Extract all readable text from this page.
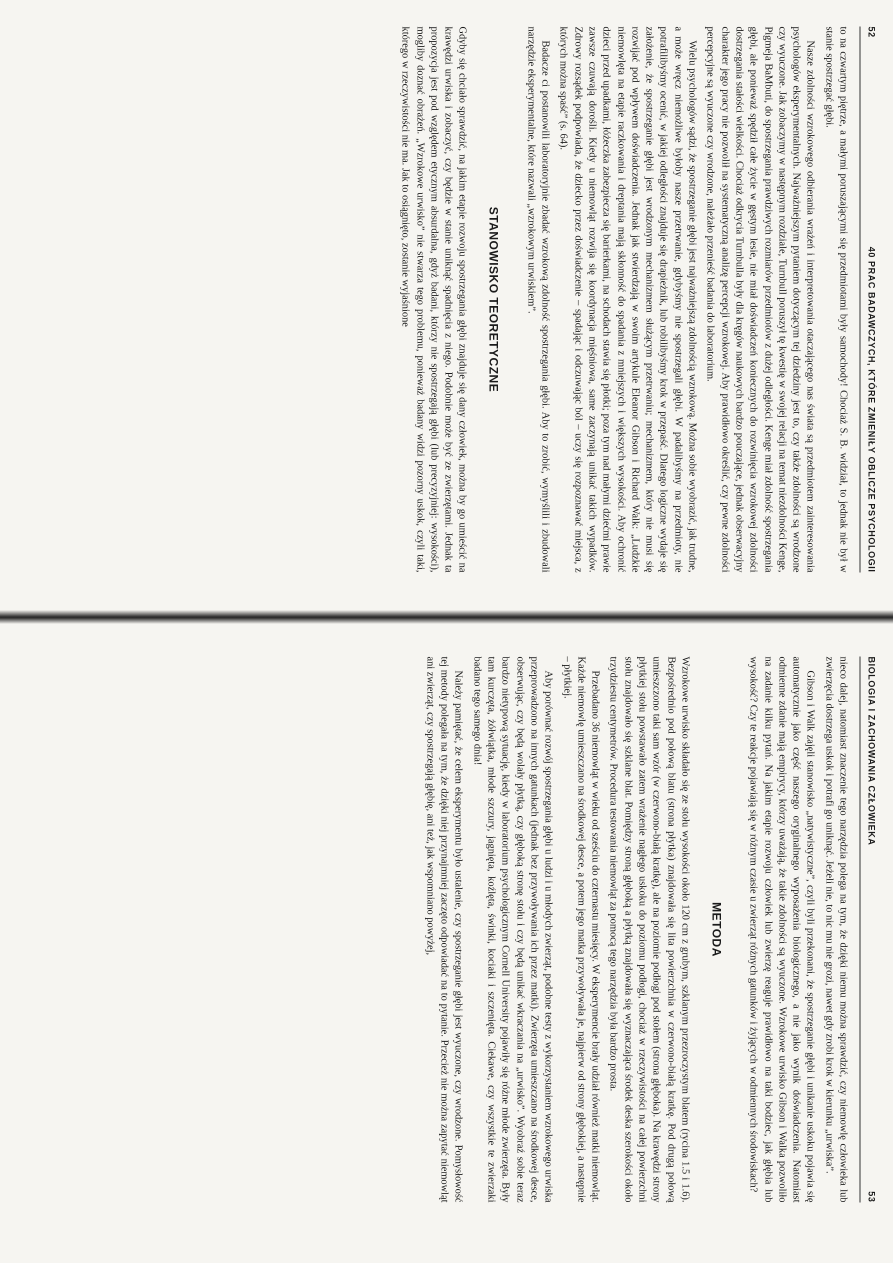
52
40 PRAC BADAWCZYCH, KTÓRE ZMIENIŁY OBLICZE PSYCHOLOGII

to na czwartym piętrze, a małymi poruszającymi się przedmiotami były samochody! Chociaż S. B. widział, to jednak nie był w stanie spostrzegać głębi.

Nasze zdolności wzrokowego odbierania wrażeń i interpretowania otaczającego nas świata są przedmiotem zainteresowania psychologów eksperymentalnych. Najważniejszym pytaniem dotyczącym tej dziedziny jest to, czy także zdolności są wrodzone czy wyuczone. Jak zobaczymy w następnym rozdziale, Turnbull poruszył tę kwestię w swojej relacji na temat niezdolności Kenge, Pigmeja BaMbuti, do spostrzegania prawdziwych rozmiarów przedmiotów z dużej odległości. Kenge miał zdolność spostrzegania głębi, ale ponieważ spędził całe życie w gęstym lesie, nie miał doświadczeń koniecznych do rozwinięcia wzrokowej zdolności dostrzegania stałości wielkości. Chociaż odkrycia Turnbulla były dla kręgów naukowych bardzo pouczające, jednak obserwacyjny charakter jego pracy nie pozwolił na systematyczną analizę percepcji wzrokowej. Aby prawidłowo określić, czy pewne zdolności percepcyjne są wyuczone czy wrodzone, należało przenieść badania do laboratorium.

Wielu psychologów sądzi, że spostrzeganie głębi jest najważniejszą zdolnością wzrokową. Można sobie wyobrazić, jak trudne, a może wręcz niemożliwe byłoby nasze przetrwanie, gdybyśmy nie spostrzegali głębi. W padalibyśmy na przedmioty, nie potrafilibyśmy ocenić, w jakiej odległości znajduje się drapieżnik, lub robilibyśmy krok w przepaść. Dlatego logiczne wydaje się założenie, że spostrzeganie głębi jest wrodzonym mechanizmem służącym przetrwaniu; mechanizmem, który nie musi się rozwijać pod wpływem doświadczenia. Jednak jak stwierdzają w swoim artykule Eleanor Gibson i Richard Walk: „Ludzkie niemowlęta na etapie raczkowania i dreptania mają skłonność do spadania z mniejszych i większych wysokości. Aby ochronić dzieci przed upadkami, łóżeczka zabezpiecza się barierkami, na schodach stawia się płotki; poza tym nad małymi dziećmi prawie zawsze czuwają dorośli. Kiedy u niemowląt rozwija się koordynacja mięśniowa, same zaczynają unikać takich wypadków. Zdrowy rozsądek podpowiada, że dziecko przez doświadczenie – spadając i odczuwając ból – uczy się rozpoznawać miejsca, z których można spaść” (s. 64).

Badacze ci postanowili laboratoryjnie zbadać wzrokową zdolność spostrzegania głębi. Aby to zrobić, wymyślili i zbudowali narzędzie eksperymentalne, które nazwali „wzrokowym urwiskiem”.

STANOWISKO TEORETYCZNE

Gdyby się chciało sprawdzić, na jakim etapie rozwoju spostrzegania głębi znajduje się dany człowiek, można by go umieścić na krawędzi urwiska i zobaczyć, czy będzie w stanie uniknąć spadnięcia z niego. Podobnie może być ze zwierzętami. Jednak ta propozycja jest pod względem etycznym absurdalna, gdyż badani, którzy nie spostrzegają głębi (lub precyzyjniej: wysokości), mogliby doznać obrażeń. „Wzrokowe urwisko” nie stwarza tego problemu, ponieważ badany widzi pozorny uskok, czyli taki, którego w rzeczywistości nie ma. Jak to osiągnięto, zostanie wyjaśnione

BIOLOGIA I ZACHOWANIA CZŁOWIEKA
53

nieco dalej, natomiast znaczenie tego narzędzia polega na tym, że dzięki niemu można sprawdzić, czy niemowlę człowieka lub zwierzęcia dostrzega uskok i potrafi go uniknąć. Jeżeli nie, to nic mu nie grozi, nawet gdy zrobi krok w kierunku „urwiska”.

Gibson i Walk zajęli stanowisko „natywistyczne”, czyli byli przekonani, że spostrzeganie głębi i unikanie uskoku pojawia się automatycznie jako część naszego oryginalnego wyposażenia biologicznego, a nie jako wynik doświadczenia. Natomiast odmienne zdanie mają empirycy, którzy uważają, że takie zdolności są wyuczone. Wzrokowe urwisko Gibson i Walka pozwoliło na zadanie kilku pytań. Na jakim etapie rozwoju człowiek lub zwierzę reaguje prawidłowo na taki bodziec, jak głębia lub wysokość? Czy te reakcje pojawiają się w różnym czasie u zwierząt różnych gatunków i żyjących w odmiennych środowiskach?

METODA

Wzrokowe urwisko składało się ze stołu wysokości około 120 cm z grubym, szklanym przezroczystym blatem (rycina 1.5 i 1.6). Bezpośrednio pod połową blatu (strona płytka) znajdowała się lita powierzchnia w czerwono-białą kratkę. Pod drugą połową umieszczono taki sam wzór (w czerwono-białą kratkę), ale na poziomie podłogi pod stołem (strona głęboka). Na krawędzi strony płytkiej stołu powstawało zatem wrażenie nagłego uskoku do poziomu podłogi, chociaż w rzeczywistości na całej powierzchni stołu znajdowało się szklane blat. Pomiędzy stroną głęboką a płytką znajdowała się wyznaczająca środek deska szerokości około trzydziestu centymetrów. Procedura testowania niemowląt za pomocą tego narzędzia była bardzo prosta.

Przebadano 36 niemowląt w wieku od sześciu do czternastu miesięcy. W eksperymencie brały udział również matki niemowląt. Każde niemowlę umieszczano na środkowej desce, a potem jego matka przywoływała je, najpierw od strony głębokiej, a następnie – płytkiej.

Aby porównać rozwój spostrzegania głębi u ludzi i u młodych zwierząt, podobne testy z wykorzystaniem wzrokowego urwiska przeprowadzono na innych gatunkach (jednak bez przywoływania ich przez matki). Zwierzęta umieszczano na środkowej desce, obserwując, czy będą wolały płytką, czy głęboką stronę stołu i czy będą unikać wkraczania na „urwisko”. Wyobraź sobie teraz bardzo nietypową sytuację, kiedy w laboratorium psychologicznym Cornell University pojawiły się różne młode zwierzęta. Były tam kurczęta, żółwiątka, młode szczury, jagnięta, koźlęta, świnki, kociaki i szczenięta. Ciekawe, czy wszystkie te zwierzaki badano tego samego dnia!

Należy pamiętać, że celem eksperymentu było ustalenie, czy spostrzeganie głębi jest wyuczone, czy wrodzone. Pomysłowość tej metody polegała na tym, że dzięki niej przynajmniej zaczęto odpowiadać na to pytanie. Przecież nie można zapytać niemowląt ani zwierząt, czy spostrzegają głębię, ani też, jak wspomniano powyżej,
